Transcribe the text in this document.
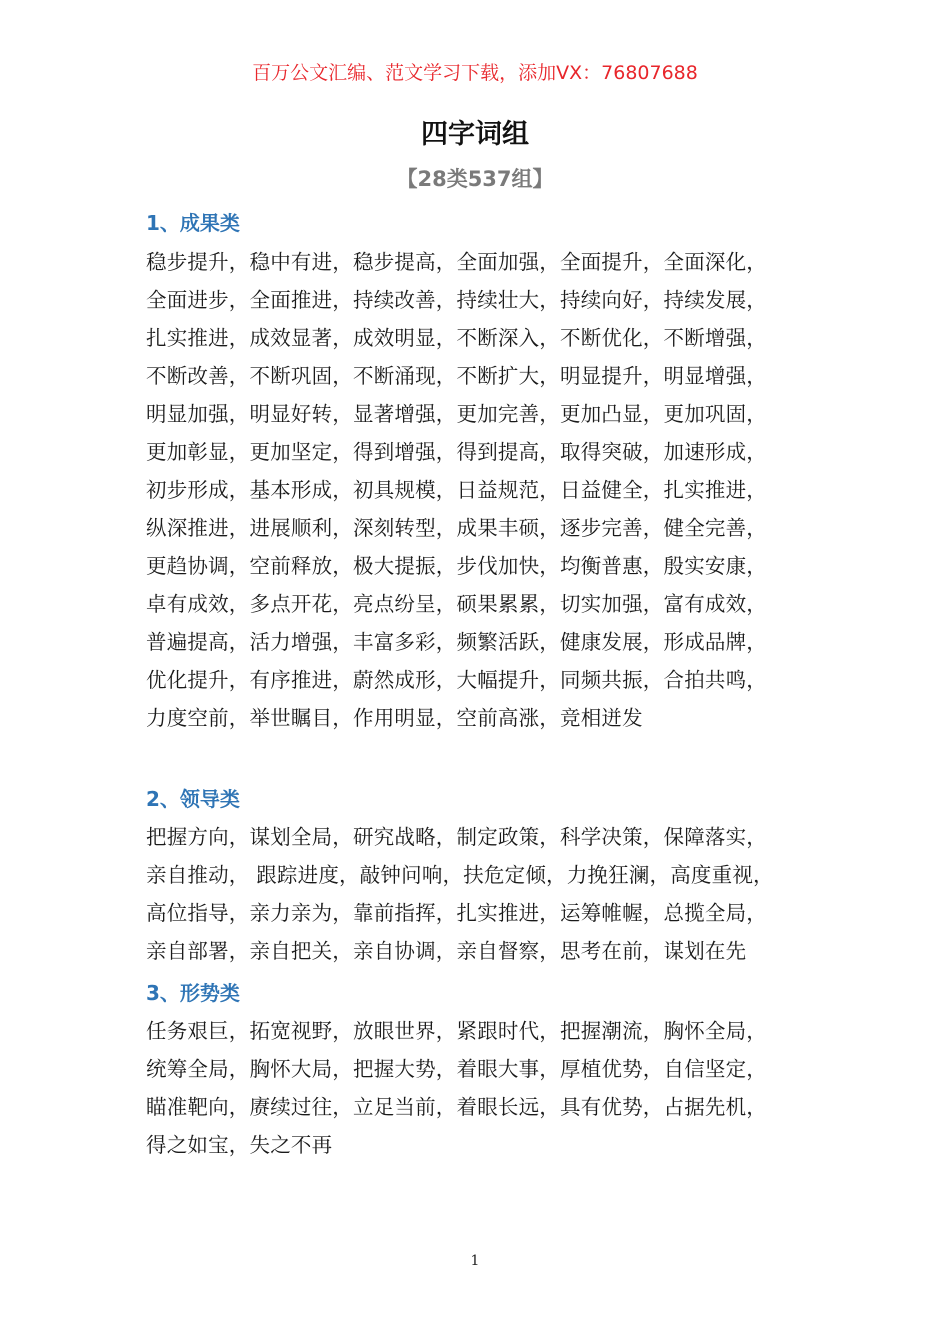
百万公文汇编、范文学习下载，添加VX：76807688
四字词组
【28类537组】
1、成果类
稳步提升，稳中有进，稳步提高，全面加强，全面提升，全面深化，
全面进步，全面推进，持续改善，持续壮大，持续向好，持续发展，
扎实推进，成效显著，成效明显，不断深入，不断优化，不断增强，
不断改善，不断巩固，不断涌现，不断扩大，明显提升，明显增强，
明显加强，明显好转，显著增强，更加完善，更加凸显，更加巩固，
更加彰显，更加坚定，得到增强，得到提高，取得突破，加速形成，
初步形成，基本形成，初具规模，日益规范，日益健全，扎实推进，
纵深推进，进展顺利，深刻转型，成果丰硕，逐步完善，健全完善，
更趋协调，空前释放，极大提振，步伐加快，均衡普惠，殷实安康，
卓有成效，多点开花，亮点纷呈，硕果累累，切实加强，富有成效，
普遍提高，活力增强，丰富多彩，频繁活跃，健康发展，形成品牌，
优化提升，有序推进，蔚然成形，大幅提升，同频共振，合拍共鸣，
力度空前，举世瞩目，作用明显，空前高涨，竞相迸发
2、领导类
把握方向，谋划全局，研究战略，制定政策，科学决策，保障落实，
亲自推动， 跟踪进度，敲钟问响，扶危定倾，力挽狂澜，高度重视，
高位指导，亲力亲为，靠前指挥，扎实推进，运筹帷幄，总揽全局，
亲自部署，亲自把关，亲自协调，亲自督察，思考在前，谋划在先
3、形势类
任务艰巨，拓宽视野，放眼世界，紧跟时代，把握潮流，胸怀全局，
统筹全局，胸怀大局，把握大势，着眼大事，厚植优势，自信坚定，
瞄准靶向，赓续过往，立足当前，着眼长远，具有优势，占据先机，
得之如宝，失之不再
1
